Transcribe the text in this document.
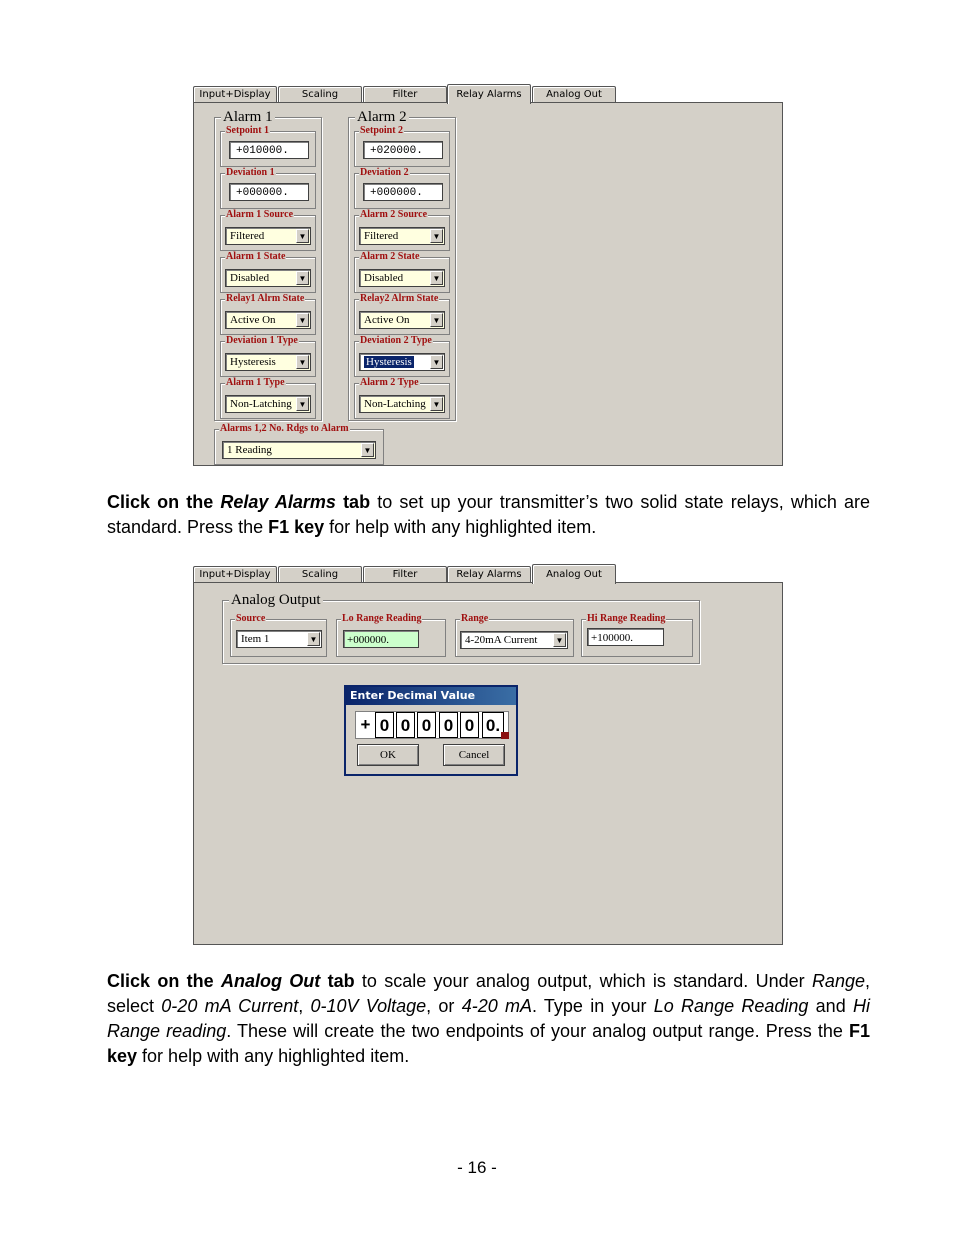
Input+Display	Scaling	Filter	Relay Alarms	Analog Out
Alarm 1
Setpoint 1
+010000.
Deviation 1
+000000.
Alarm 1 Source
Filtered	▼
Alarm 1 State
Disabled	▼
Relay1 Alrm State
Active On	▼
Deviation 1 Type
Hysteresis	▼
Alarm 1 Type
Non-Latching ▼
Alarm 2
Setpoint 2
+020000.
Deviation 2
+000000.
Alarm 2 Source
Filtered	▼
Alarm 2 State
Disabled	▼
Relay2 Alrm State
Active On	▼
Deviation 2 Type
Hysteresis	▼
Alarm 2 Type
Non-Latching ▼
Alarms 1,2 No. Rdgs to Alarm
1 Reading	▼
Click on the Relay Alarms tab to set up your transmitter’s two solid state relays, which are standard. Press the F1 key for help with any highlighted item.
Input+Display	Scaling	Filter	Relay Alarms	Analog Out
Analog Output
Source
Item 1	▼
Lo Range Reading
+000000.
Range
4-20mA Current	▼
Hi Range Reading
+100000.
Enter Decimal Value
+ 0 0 0 0 0 0.
OK	Cancel
Click on the Analog Out tab to scale your analog output, which is standard. Under Range, select 0-20 mA Current, 0-10V Voltage, or 4-20 mA. Type in your Lo Range Reading and Hi Range reading. These will create the two endpoints of your analog output range. Press the F1 key for help with any highlighted item.
- 16 -
